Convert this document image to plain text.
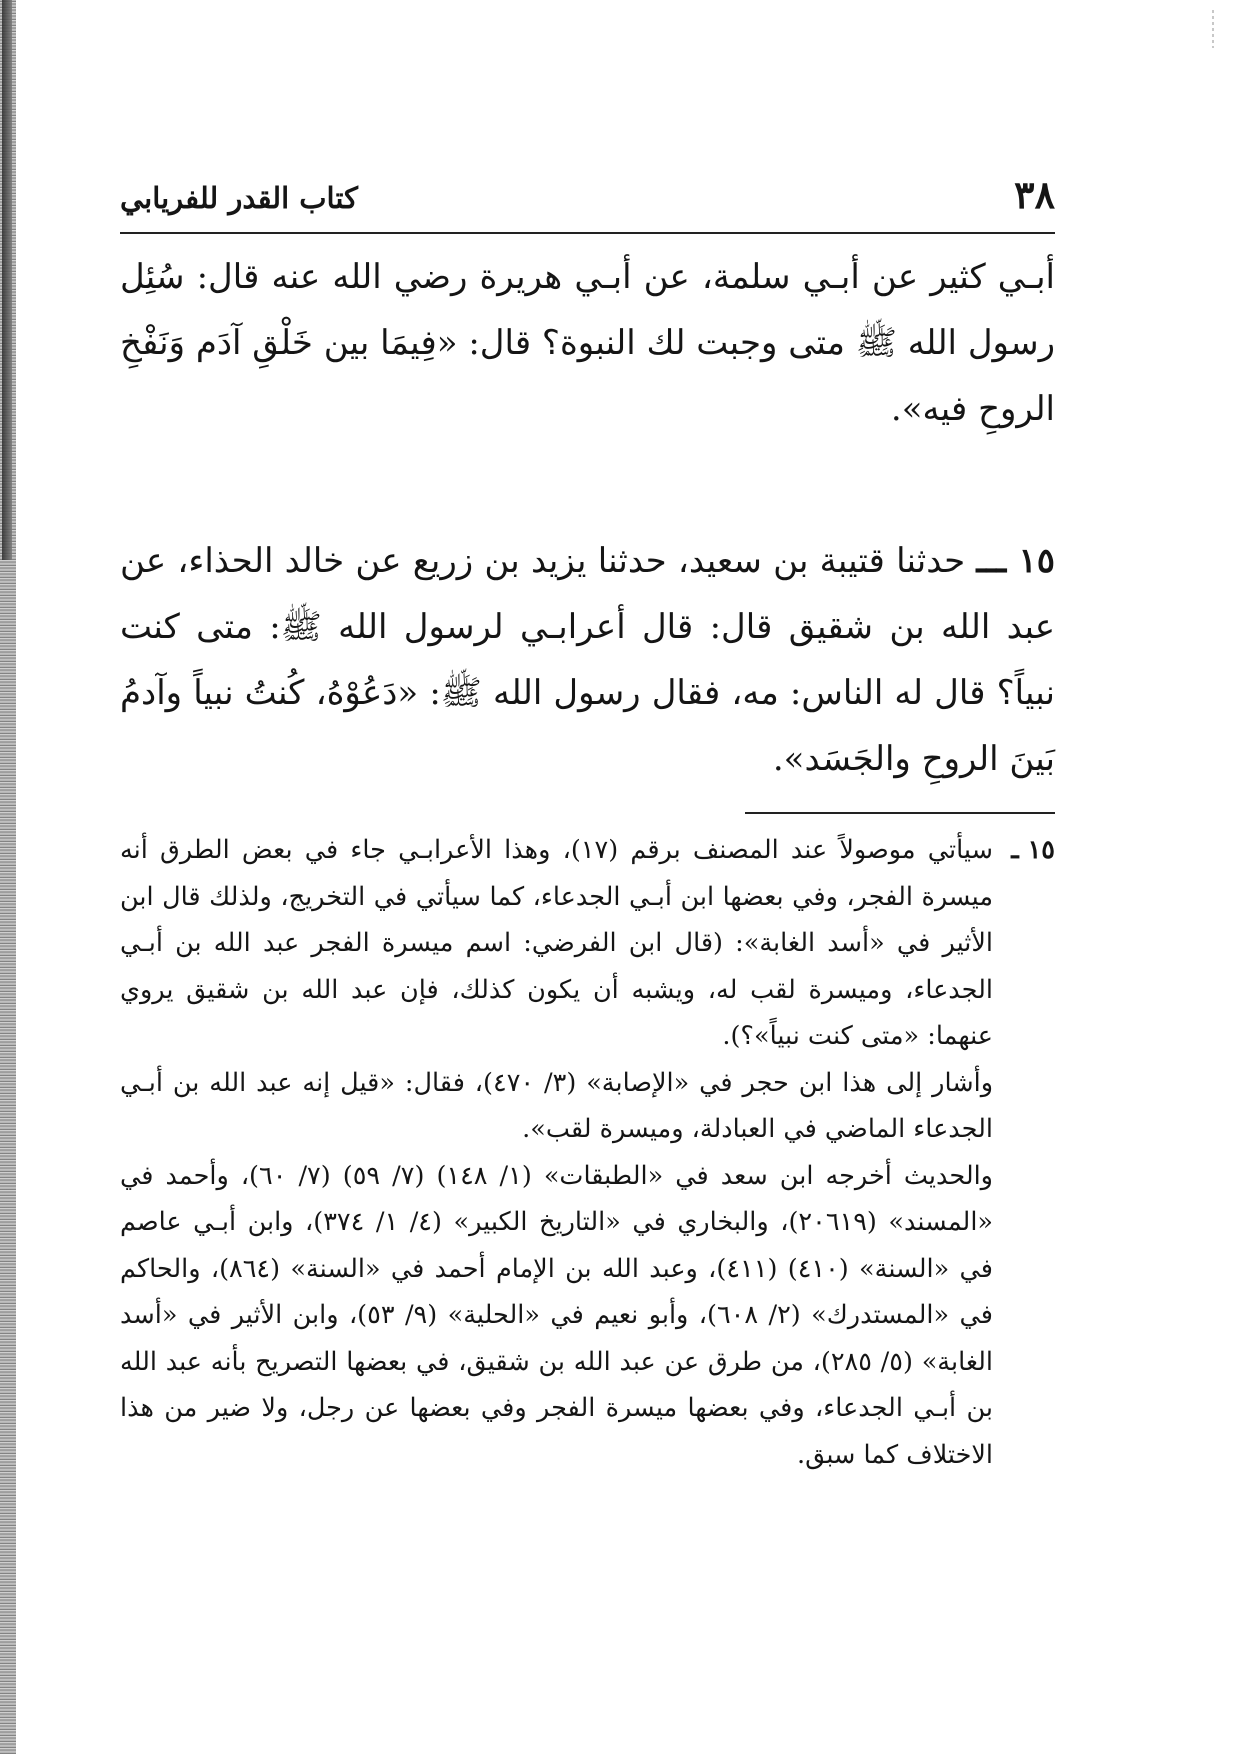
٣٨
كتاب القدر للفريابي

أبـي كثير عن أبـي سلمة، عن أبـي هريرة رضي الله عنه قال: سُئِل رسول الله ﷺ متى وجبت لك النبوة؟ قال: «فِيمَا بين خَلْقِ آدَم وَنَفْخِ الروحِ فيه».

١٥ ـــ حدثنا قتيبة بن سعيد، حدثنا يزيد بن زريع عن خالد الحذاء، عن عبد الله بن شقيق قال: قال أعرابـي لرسول الله ﷺ: متى كنت نبياً؟ قال له الناس: مه، فقال رسول الله ﷺ: «دَعُوْهُ، كُنتُ نبياً وآدمُ بَينَ الروحِ والجَسَد».

١٥ ـسيأتي موصولاً عند المصنف برقم (١٧)، وهذا الأعرابـي جاء في بعض الطرق أنه ميسرة الفجر، وفي بعضها ابن أبـي الجدعاء، كما سيأتي في التخريج، ولذلك قال ابن الأثير في «أسد الغابة»: (قال ابن الفرضي: اسم ميسرة الفجر عبد الله بن أبـي الجدعاء، وميسرة لقب له، ويشبه أن يكون كذلك، فإن عبد الله بن شقيق يروي عنهما: «متى كنت نبياً»؟).

وأشار إلى هذا ابن حجر في «الإصابة» (٣/ ٤٧٠)، فقال: «قيل إنه عبد الله بن أبـي الجدعاء الماضي في العبادلة، وميسرة لقب».

والحديث أخرجه ابن سعد في «الطبقات» (١/ ١٤٨) (٧/ ٥٩) (٧/ ٦٠)، وأحمد في «المسند» (٢٠٦١٩)، والبخاري في «التاريخ الكبير» (٤/ ١/ ٣٧٤)، وابن أبـي عاصم في «السنة» (٤١٠) (٤١١)، وعبد الله بن الإمام أحمد في «السنة» (٨٦٤)، والحاكم في «المستدرك» (٢/ ٦٠٨)، وأبو نعيم في «الحلية» (٩/ ٥٣)، وابن الأثير في «أسد الغابة» (٥/ ٢٨٥)، من طرق عن عبد الله بن شقيق، في بعضها التصريح بأنه عبد الله بن أبـي الجدعاء، وفي بعضها ميسرة الفجر وفي بعضها عن رجل، ولا ضير من هذا الاختلاف كما سبق.
